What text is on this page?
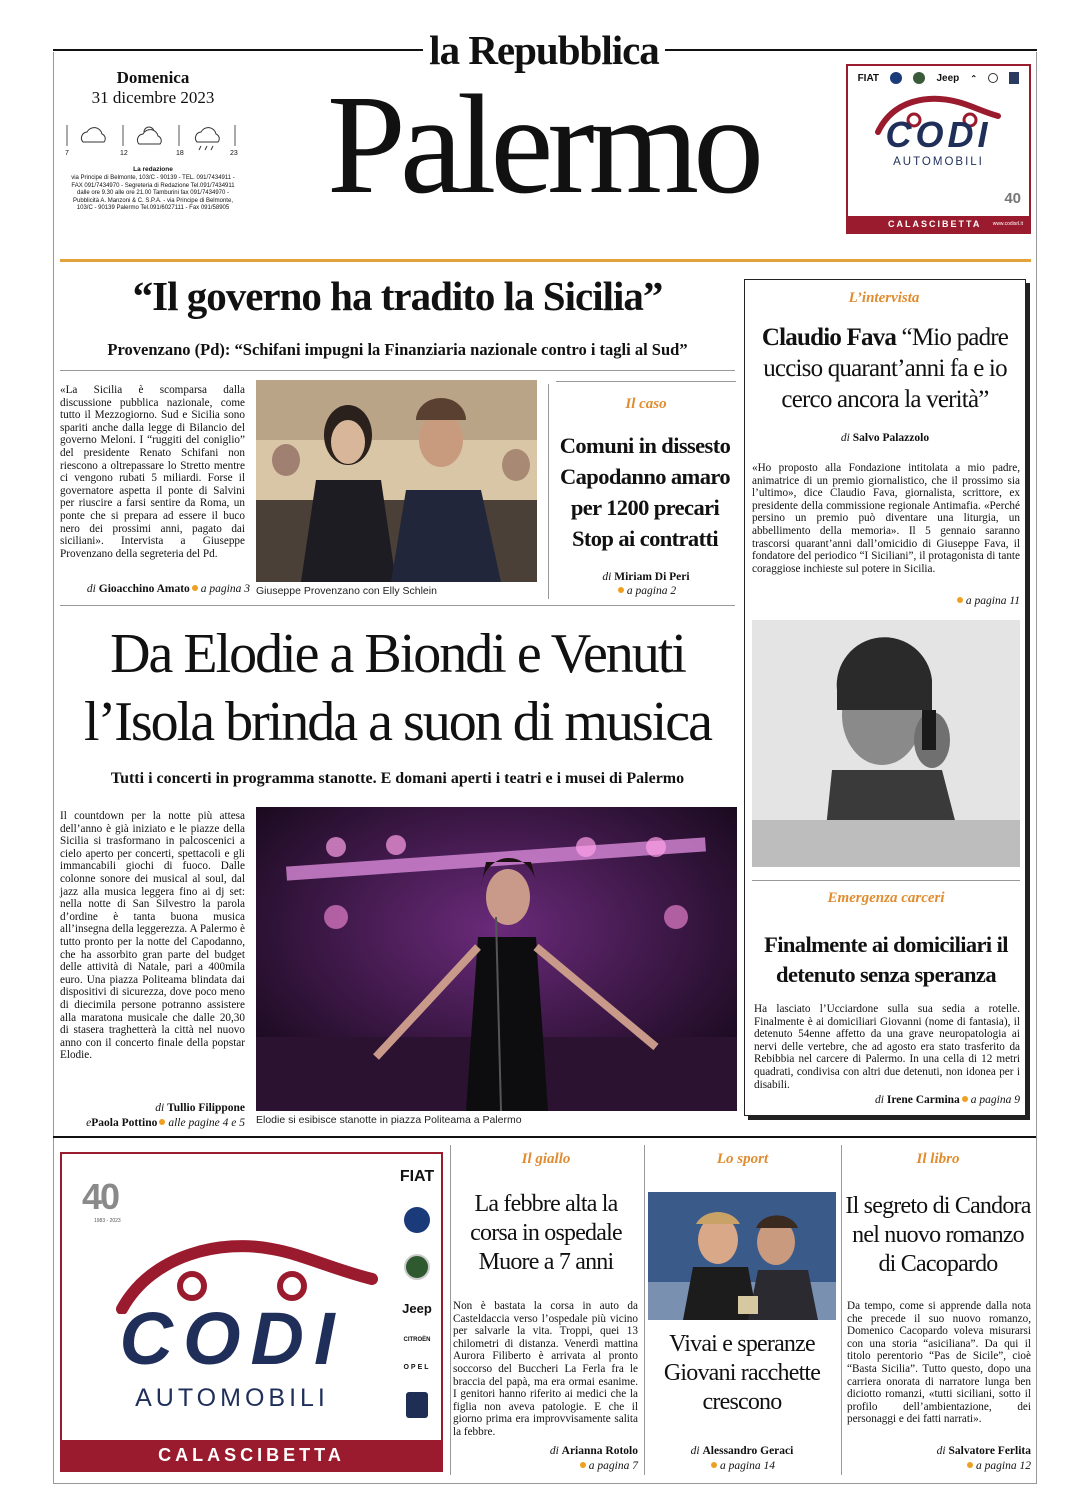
la Repubblica
Domenica
31 dicembre 2023
7	12	18	23
La redazione
via Principe di Belmonte, 103/C - 90139 - TEL. 091/7434911 - FAX 091/7434970 - Segreteria di Redazione Tel.091/7434911 dalle ore 9.30 alle ore 21.00 Tamburini fax 091/7434970 - Pubblicità A. Manzoni & C. S.P.A. - via Principe di Belmonte, 103/C - 90139 Palermo Tel.091/6027111 - Fax 091/58905 Palermo	FIAT	Jeep ⌃
CODI
AUTOMOBILI
40
CALASCIBETTA www.codisrl.it
“Il governo ha tradito la Sicilia”
Provenzano (Pd): “Schifani impugni la Finanziaria nazionale contro i tagli al Sud”
«La Sicilia è scomparsa dalla discussione pubblica nazionale, come tutto il Mezzogiorno. Sud e Sicilia sono spariti anche dalla legge di Bilancio del governo Meloni. I “ruggiti del coniglio” del presidente Renato Schifani non riescono a oltrepassare lo Stretto mentre ci vengono rubati 5 miliardi. Forse il governatore aspetta il ponte di Salvini per riuscire a farsi sentire da Roma, un ponte che si prepara ad essere il buco nero dei prossimi anni, pagato dai siciliani». Intervista a Giuseppe Provenzano della segreteria del Pd.
di Gioacchino Amato a pagina 3 Giuseppe Provenzano con Elly Schlein
Il caso
Comuni in dissesto Capodanno amaro per 1200 precari Stop ai contratti
di Miriam Di Peri
a pagina 2
L’intervista
Claudio Fava “Mio padre ucciso quarant’anni fa e io cerco ancora la verità”
di Salvo Palazzolo
«Ho proposto alla Fondazione intitolata a mio padre, animatrice di un premio giornalistico, che il prossimo sia l’ultimo», dice Claudio Fava, giornalista, scrittore, ex presidente della commissione regionale Antimafia. «Perché persino un premio può diventare una liturgia, un abbellimento della memoria». Il 5 gennaio saranno trascorsi quarant’anni dall’omicidio di Giuseppe Fava, il fondatore del periodico “I Siciliani”, il protagonista di tante coraggiose inchieste sul potere in Sicilia.
a pagina 11
Emergenza carceri
Finalmente ai domiciliari il detenuto senza speranza
Ha lasciato l’Ucciardone sulla sua sedia a rotelle. Finalmente è ai domiciliari Giovanni (nome di fantasia), il detenuto 54enne affetto da una grave neuropatologia ai nervi delle vertebre, che ad agosto era stato trasferito da Rebibbia nel carcere di Palermo. In una cella di 12 metri quadrati, condivisa con altri due detenuti, non idonea per i disabili.
di Irene Carmina a pagina 9
Da Elodie a Biondi e Venuti
l’Isola brinda a suon di musica
Tutti i concerti in programma stanotte. E domani aperti i teatri e i musei di Palermo
Il countdown per la notte più attesa dell’anno è già iniziato e le piazze della Sicilia si trasformano in palcoscenici a cielo aperto per concerti, spettacoli e gli immancabili giochi di fuoco. Dalle colonne sonore dei musical al soul, dal jazz alla musica leggera fino ai dj set: nella notte di San Silvestro la parola d’ordine è tanta buona musica all’insegna della leggerezza. A Palermo è tutto pronto per la notte del Capodanno, che ha assorbito gran parte del budget delle attività di Natale, pari a 400mila euro. Una piazza Politeama blindata dai dispositivi di sicurezza, dove poco meno di diecimila persone potranno assistere alla maratona musicale che dalle 20,30 di stasera traghetterà la città nel nuovo anno con il concerto finale della popstar Elodie.
di Tullio Filippone
ePaola Pottino alle pagine 4 e 5 Elodie si esibisce stanotte in piazza Politeama a Palermo
40
1983 - 2023
FIAT
Jeep
CITROËN
OPEL
CODI
AUTOMOBILI
CALASCIBETTA
Il giallo
La febbre alta la corsa in ospedale Muore a 7 anni
Non è bastata la corsa in auto da Casteldaccia verso l’ospedale più vicino per salvarle la vita. Troppi, quei 13 chilometri di distanza. Venerdì mattina Aurora Filiberto è arrivata al pronto soccorso del Buccheri La Ferla fra le braccia del papà, ma era ormai esanime. I genitori hanno riferito ai medici che la figlia non aveva patologie. E che il giorno prima era improvvisamente salita la febbre.
di Arianna Rotolo
a pagina 7
Lo sport
Vivai e speranze Giovani racchette crescono
di Alessandro Geraci
a pagina 14
Il libro
Il segreto di Candora nel nuovo romanzo di Cacopardo
Da tempo, come si apprende dalla nota che precede il suo nuovo romanzo, Domenico Cacopardo voleva misurarsi con una storia “asiciliana”. Da qui il titolo perentorio “Pas de Sicile”, cioè “Basta Sicilia”. Tutto questo, dopo una carriera onorata di narratore lunga ben diciotto romanzi, «tutti siciliani, sotto il profilo dell’ambientazione, dei personaggi e dei fatti narrati».
di Salvatore Ferlita
a pagina 12
